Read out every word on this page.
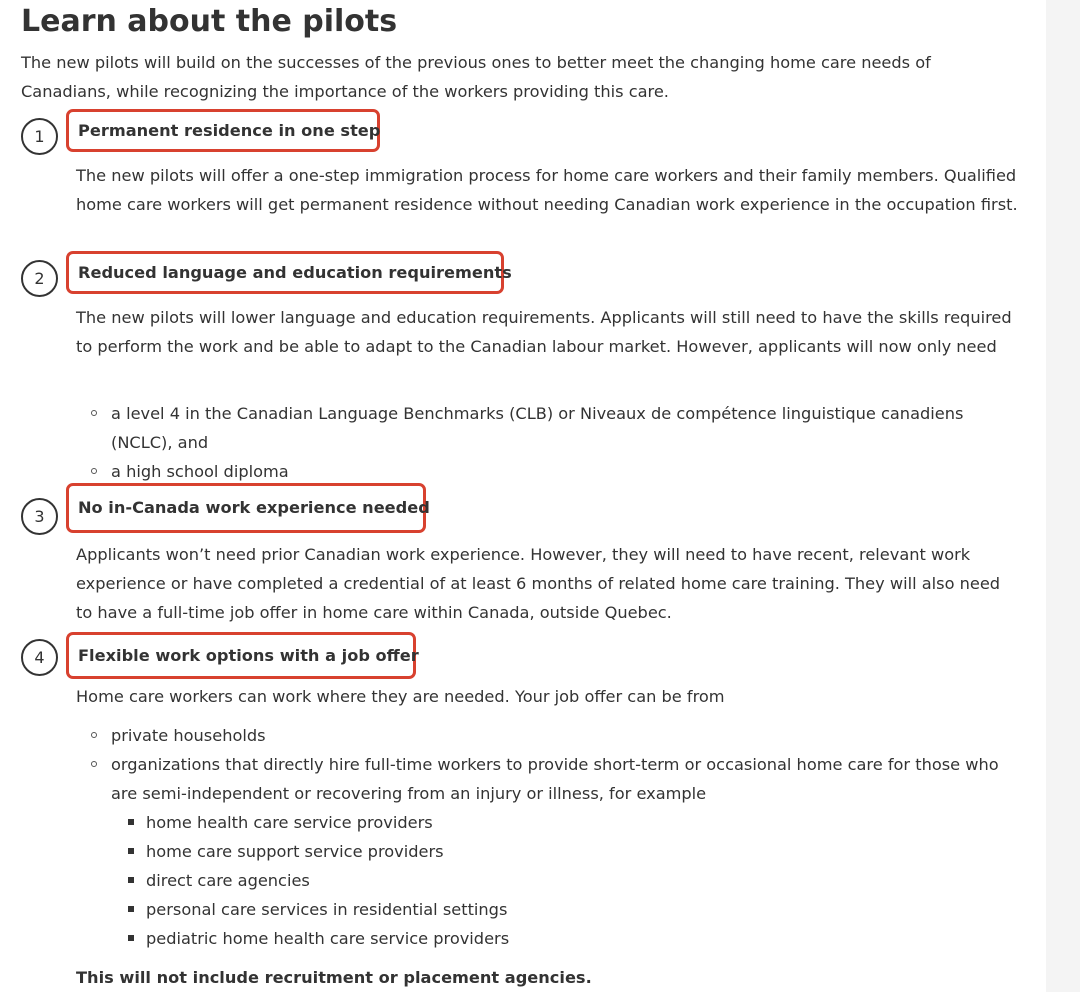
Learn about the pilots

The new pilots will build on the successes of the previous ones to better meet the changing home care needs of Canadians, while recognizing the importance of the workers providing this care.

1	Permanent residence in one step

The new pilots will offer a one-step immigration process for home care workers and their family members. Qualified home care workers will get permanent residence without needing Canadian work experience in the occupation first.

2	Reduced language and education requirements

The new pilots will lower language and education requirements. Applicants will still need to have the skills required to perform the work and be able to adapt to the Canadian labour market. However, applicants will now only need

a level 4 in the Canadian Language Benchmarks (CLB) or Niveaux de compétence linguistique canadiens (NCLC), and
a high school diploma
3	No in-Canada work experience needed

Applicants won’t need prior Canadian work experience. However, they will need to have recent, relevant work experience or have completed a credential of at least 6 months of related home care training. They will also need to have a full-time job offer in home care within Canada, outside Quebec.

4	Flexible work options with a job offer

Home care workers can work where they are needed. Your job offer can be from

private households
organizations that directly hire full-time workers to provide short-term or occasional home care for those who are semi-independent or recovering from an injury or illness, for example
home health care service providers
home care support service providers
direct care agencies
personal care services in residential settings
pediatric home health care service providers

This will not include recruitment or placement agencies.
